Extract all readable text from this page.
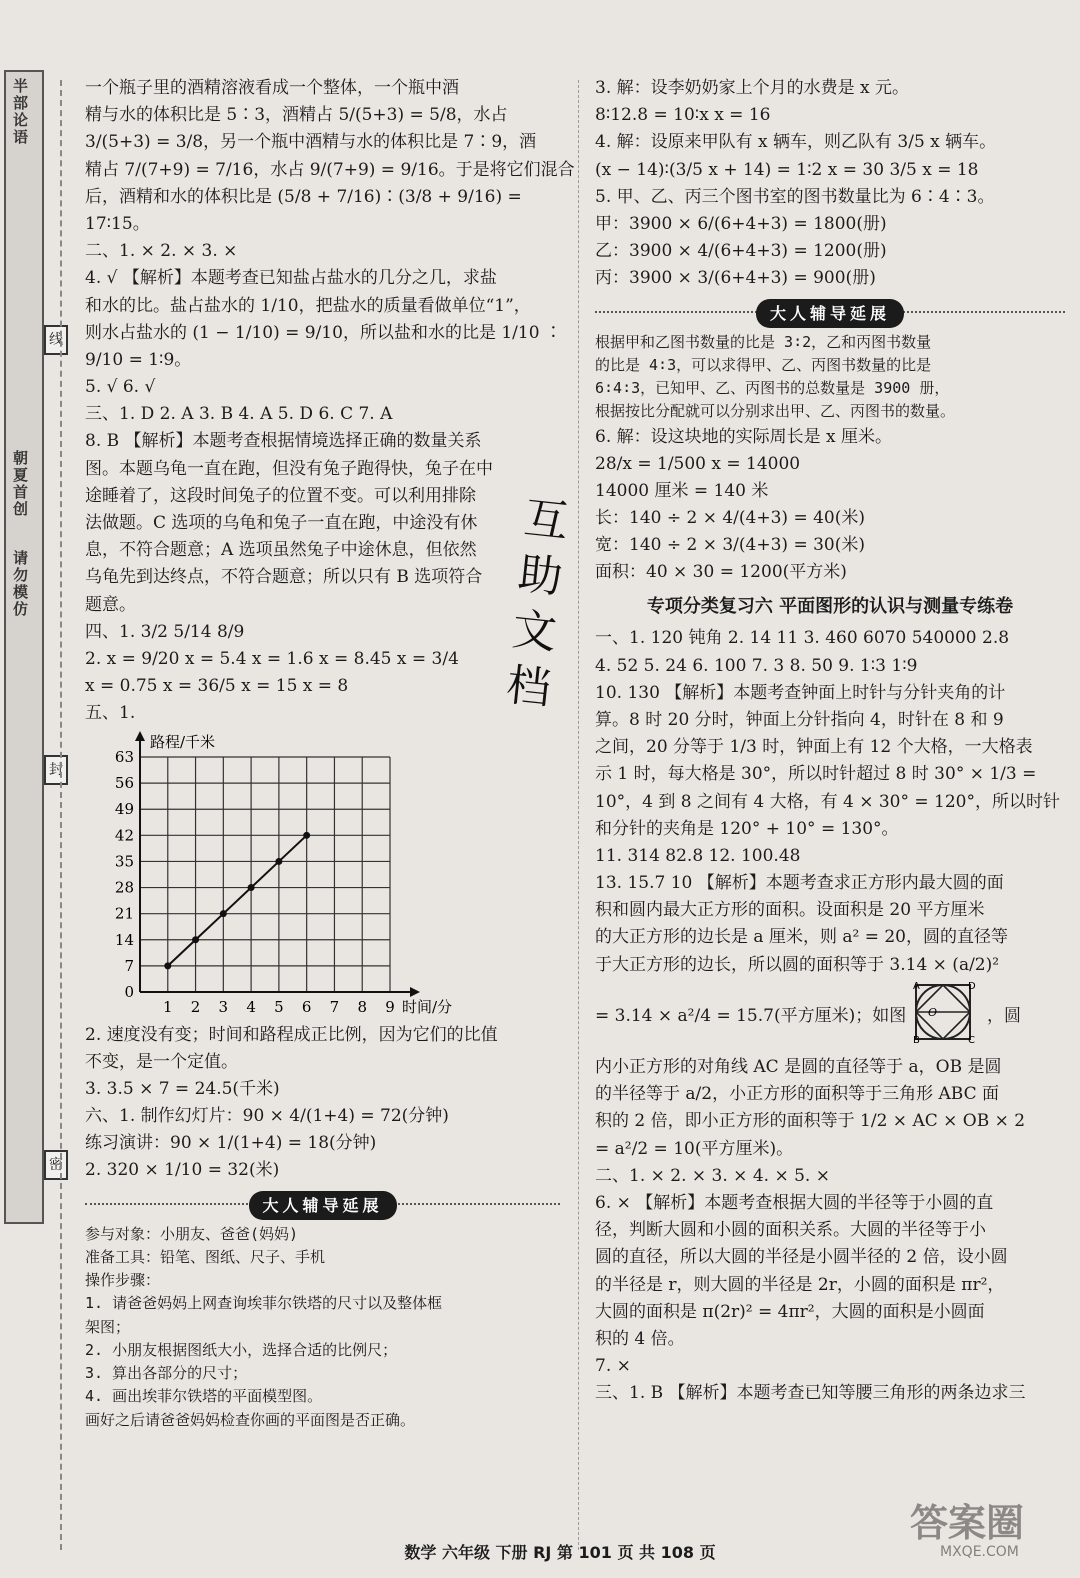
半部论语
朝夏首创
请勿模仿
线
封
密
一个瓶子里的酒精溶液看成一个整体，一个瓶中酒
精与水的体积比是 5∶3，酒精占 5/(5+3) = 5/8，水占
3/(5+3) = 3/8，另一个瓶中酒精与水的体积比是 7∶9，酒
精占 7/(7+9) = 7/16，水占 9/(7+9) = 9/16。于是将它们混合
后，酒精和水的体积比是 (5/8 + 7/16)∶(3/8 + 9/16) =
17∶15。
二、1. × 2. × 3. ×
4. √ 【解析】本题考查已知盐占盐水的几分之几，求盐
和水的比。盐占盐水的 1/10，把盐水的质量看做单位“1”，
则水占盐水的 (1 − 1/10) = 9/10，所以盐和水的比是 1/10 ∶
9/10 = 1∶9。
5. √ 6. √
三、1. D 2. A 3. B 4. A 5. D 6. C 7. A
8. B 【解析】本题考查根据情境选择正确的数量关系
图。本题乌龟一直在跑，但没有兔子跑得快，兔子在中
途睡着了，这段时间兔子的位置不变。可以利用排除
法做题。C 选项的乌龟和兔子一直在跑，中途没有休
息，不符合题意；A 选项虽然兔子中途休息，但依然
乌龟先到达终点，不符合题意；所以只有 B 选项符合
题意。
四、1. 3/2 5/14 8/9
2. x = 9/20 x = 5.4 x = 1.6 x = 8.45 x = 3/4
x = 0.75 x = 36/5 x = 15 x = 8
五、1.
1 2 3 4 5 6 7 8 9
0
7
14
21
28
35
42
49
56
63
时间/分
路程/千米
2. 速度没有变；时间和路程成正比例，因为它们的比值
不变，是一个定值。
3. 3.5 × 7 = 24.5(千米)
六、1. 制作幻灯片：90 × 4/(1+4) = 72(分钟)
练习演讲：90 × 1/(1+4) = 18(分钟)
2. 320 × 1/10 = 32(米)
大人辅导延展
参与对象：小朋友、爸爸(妈妈)
准备工具：铅笔、图纸、尺子、手机
操作步骤：
1. 请爸爸妈妈上网查询埃菲尔铁塔的尺寸以及整体框
架图；
2. 小朋友根据图纸大小，选择合适的比例尺；
3. 算出各部分的尺寸；
4. 画出埃菲尔铁塔的平面模型图。
画好之后请爸爸妈妈检查你画的平面图是否正确。
互助文档
3. 解：设李奶奶家上个月的水费是 x 元。
8∶12.8 = 10∶x x = 16
4. 解：设原来甲队有 x 辆车，则乙队有 3/5 x 辆车。
(x − 14)∶(3/5 x + 14) = 1∶2 x = 30 3/5 x = 18
5. 甲、乙、丙三个图书室的图书数量比为 6∶4∶3。
甲：3900 × 6/(6+4+3) = 1800(册)
乙：3900 × 4/(6+4+3) = 1200(册)
丙：3900 × 3/(6+4+3) = 900(册)
大人辅导延展
根据甲和乙图书数量的比是 3∶2，乙和丙图书数量
的比是 4∶3，可以求得甲、乙、丙图书数量的比是
6∶4∶3，已知甲、乙、丙图书的总数量是 3900 册，
根据按比分配就可以分别求出甲、乙、丙图书的数量。
6. 解：设这块地的实际周长是 x 厘米。
28/x = 1/500 x = 14000
14000 厘米 = 140 米
长：140 ÷ 2 × 4/(4+3) = 40(米)
宽：140 ÷ 2 × 3/(4+3) = 30(米)
面积：40 × 30 = 1200(平方米)
专项分类复习六 平面图形的认识与测量专练卷
一、1. 120 钝角 2. 14 11 3. 460 6070 540000 2.8
4. 52 5. 24 6. 100 7. 3 8. 50 9. 1∶3 1∶9
10. 130 【解析】本题考查钟面上时针与分针夹角的计
算。8 时 20 分时，钟面上分针指向 4，时针在 8 和 9
之间，20 分等于 1/3 时，钟面上有 12 个大格，一大格表
示 1 时，每大格是 30°，所以时针超过 8 时 30° × 1/3 =
10°，4 到 8 之间有 4 大格，有 4 × 30° = 120°，所以时针
和分针的夹角是 120° + 10° = 130°。
11. 314 82.8 12. 100.48
13. 15.7 10 【解析】本题考查求正方形内最大圆的面
积和圆内最大正方形的面积。设面积是 20 平方厘米
的大正方形的边长是 a 厘米，则 a² = 20，圆的直径等
于大正方形的边长，所以圆的面积等于 3.14 × (a/2)²
= 3.14 × a²/4 = 15.7(平方厘米)；如图
A	D
B	C
O	，圆
内小正方形的对角线 AC 是圆的直径等于 a，OB 是圆
的半径等于 a/2，小正方形的面积等于三角形 ABC 面
积的 2 倍，即小正方形的面积等于 1/2 × AC × OB × 2
= a²/2 = 10(平方厘米)。
二、1. × 2. × 3. × 4. × 5. ×
6. × 【解析】本题考查根据大圆的半径等于小圆的直
径，判断大圆和小圆的面积关系。大圆的半径等于小
圆的直径，所以大圆的半径是小圆半径的 2 倍，设小圆
的半径是 r，则大圆的半径是 2r，小圆的面积是 πr²，
大圆的面积是 π(2r)² = 4πr²，大圆的面积是小圆面
积的 4 倍。
7. ×
三、1. B 【解析】本题考查已知等腰三角形的两条边求三
数学 六年级 下册 RJ 第 101 页 共 108 页
答案圈
MXQE.COM
